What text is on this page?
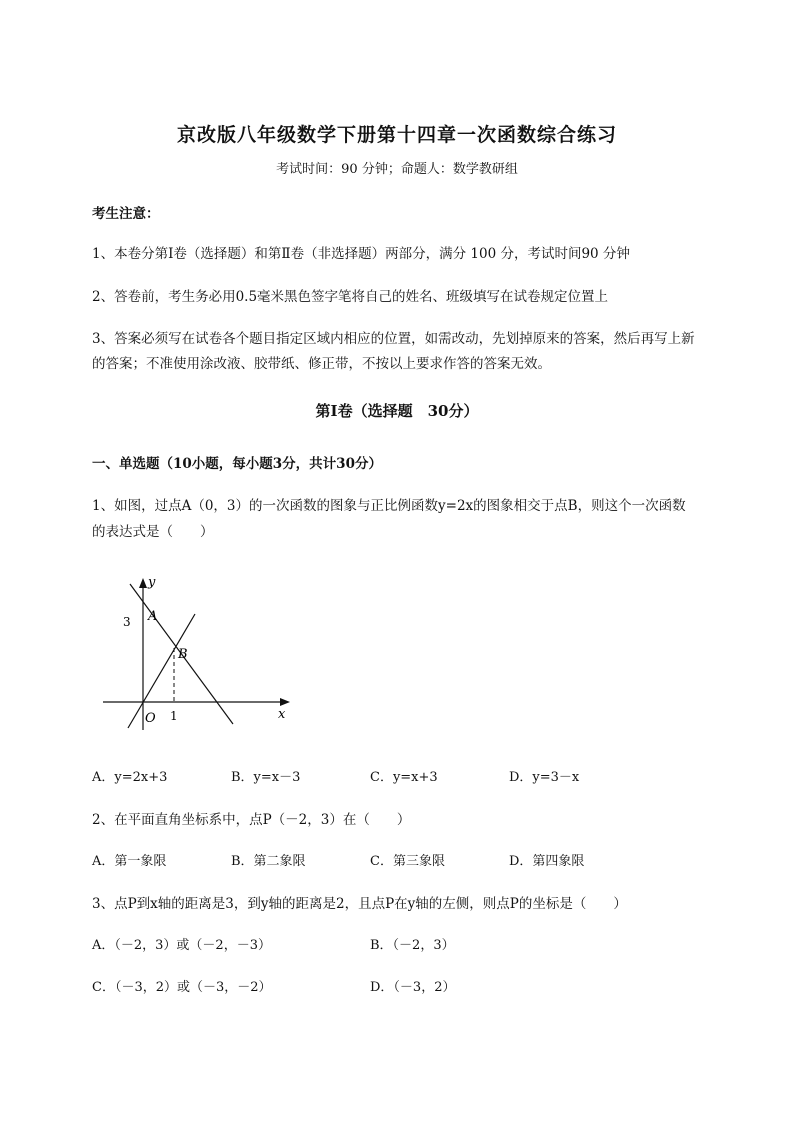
京改版八年级数学下册第十四章一次函数综合练习
考试时间：90 分钟；命题人：数学教研组
考生注意：
1、本卷分第Ⅰ卷（选择题）和第Ⅱ卷（非选择题）两部分，满分 100 分，考试时间90 分钟
2、答卷前，考生务必用0.5毫米黑色签字笔将自己的姓名、班级填写在试卷规定位置上
3、答案必须写在试卷各个题目指定区域内相应的位置，如需改动，先划掉原来的答案，然后再写上新
的答案；不准使用涂改液、胶带纸、修正带，不按以上要求作答的答案无效。
第Ⅰ卷（选择题　30分）
一、单选题（10小题，每小题3分，共计30分）
1、如图，过点A（0，3）的一次函数的图象与正比例函数y=2x的图象相交于点B，则这个一次函数
的表达式是（　　）
y
x
O
A
B
3
1
A．y=2x+3	B．y=x－3	C．y=x+3	D．y=3－x
2、在平面直角坐标系中，点P（－2，3）在（　　）
A．第一象限	B．第二象限	C．第三象限	D．第四象限
3、点P到x轴的距离是3，到y轴的距离是2，且点P在y轴的左侧，则点P的坐标是（　　）
A．（－2，3）或（－2，－3）	B．（－2，3）
C．（－3，2）或（－3，－2）	D．（－3，2）
